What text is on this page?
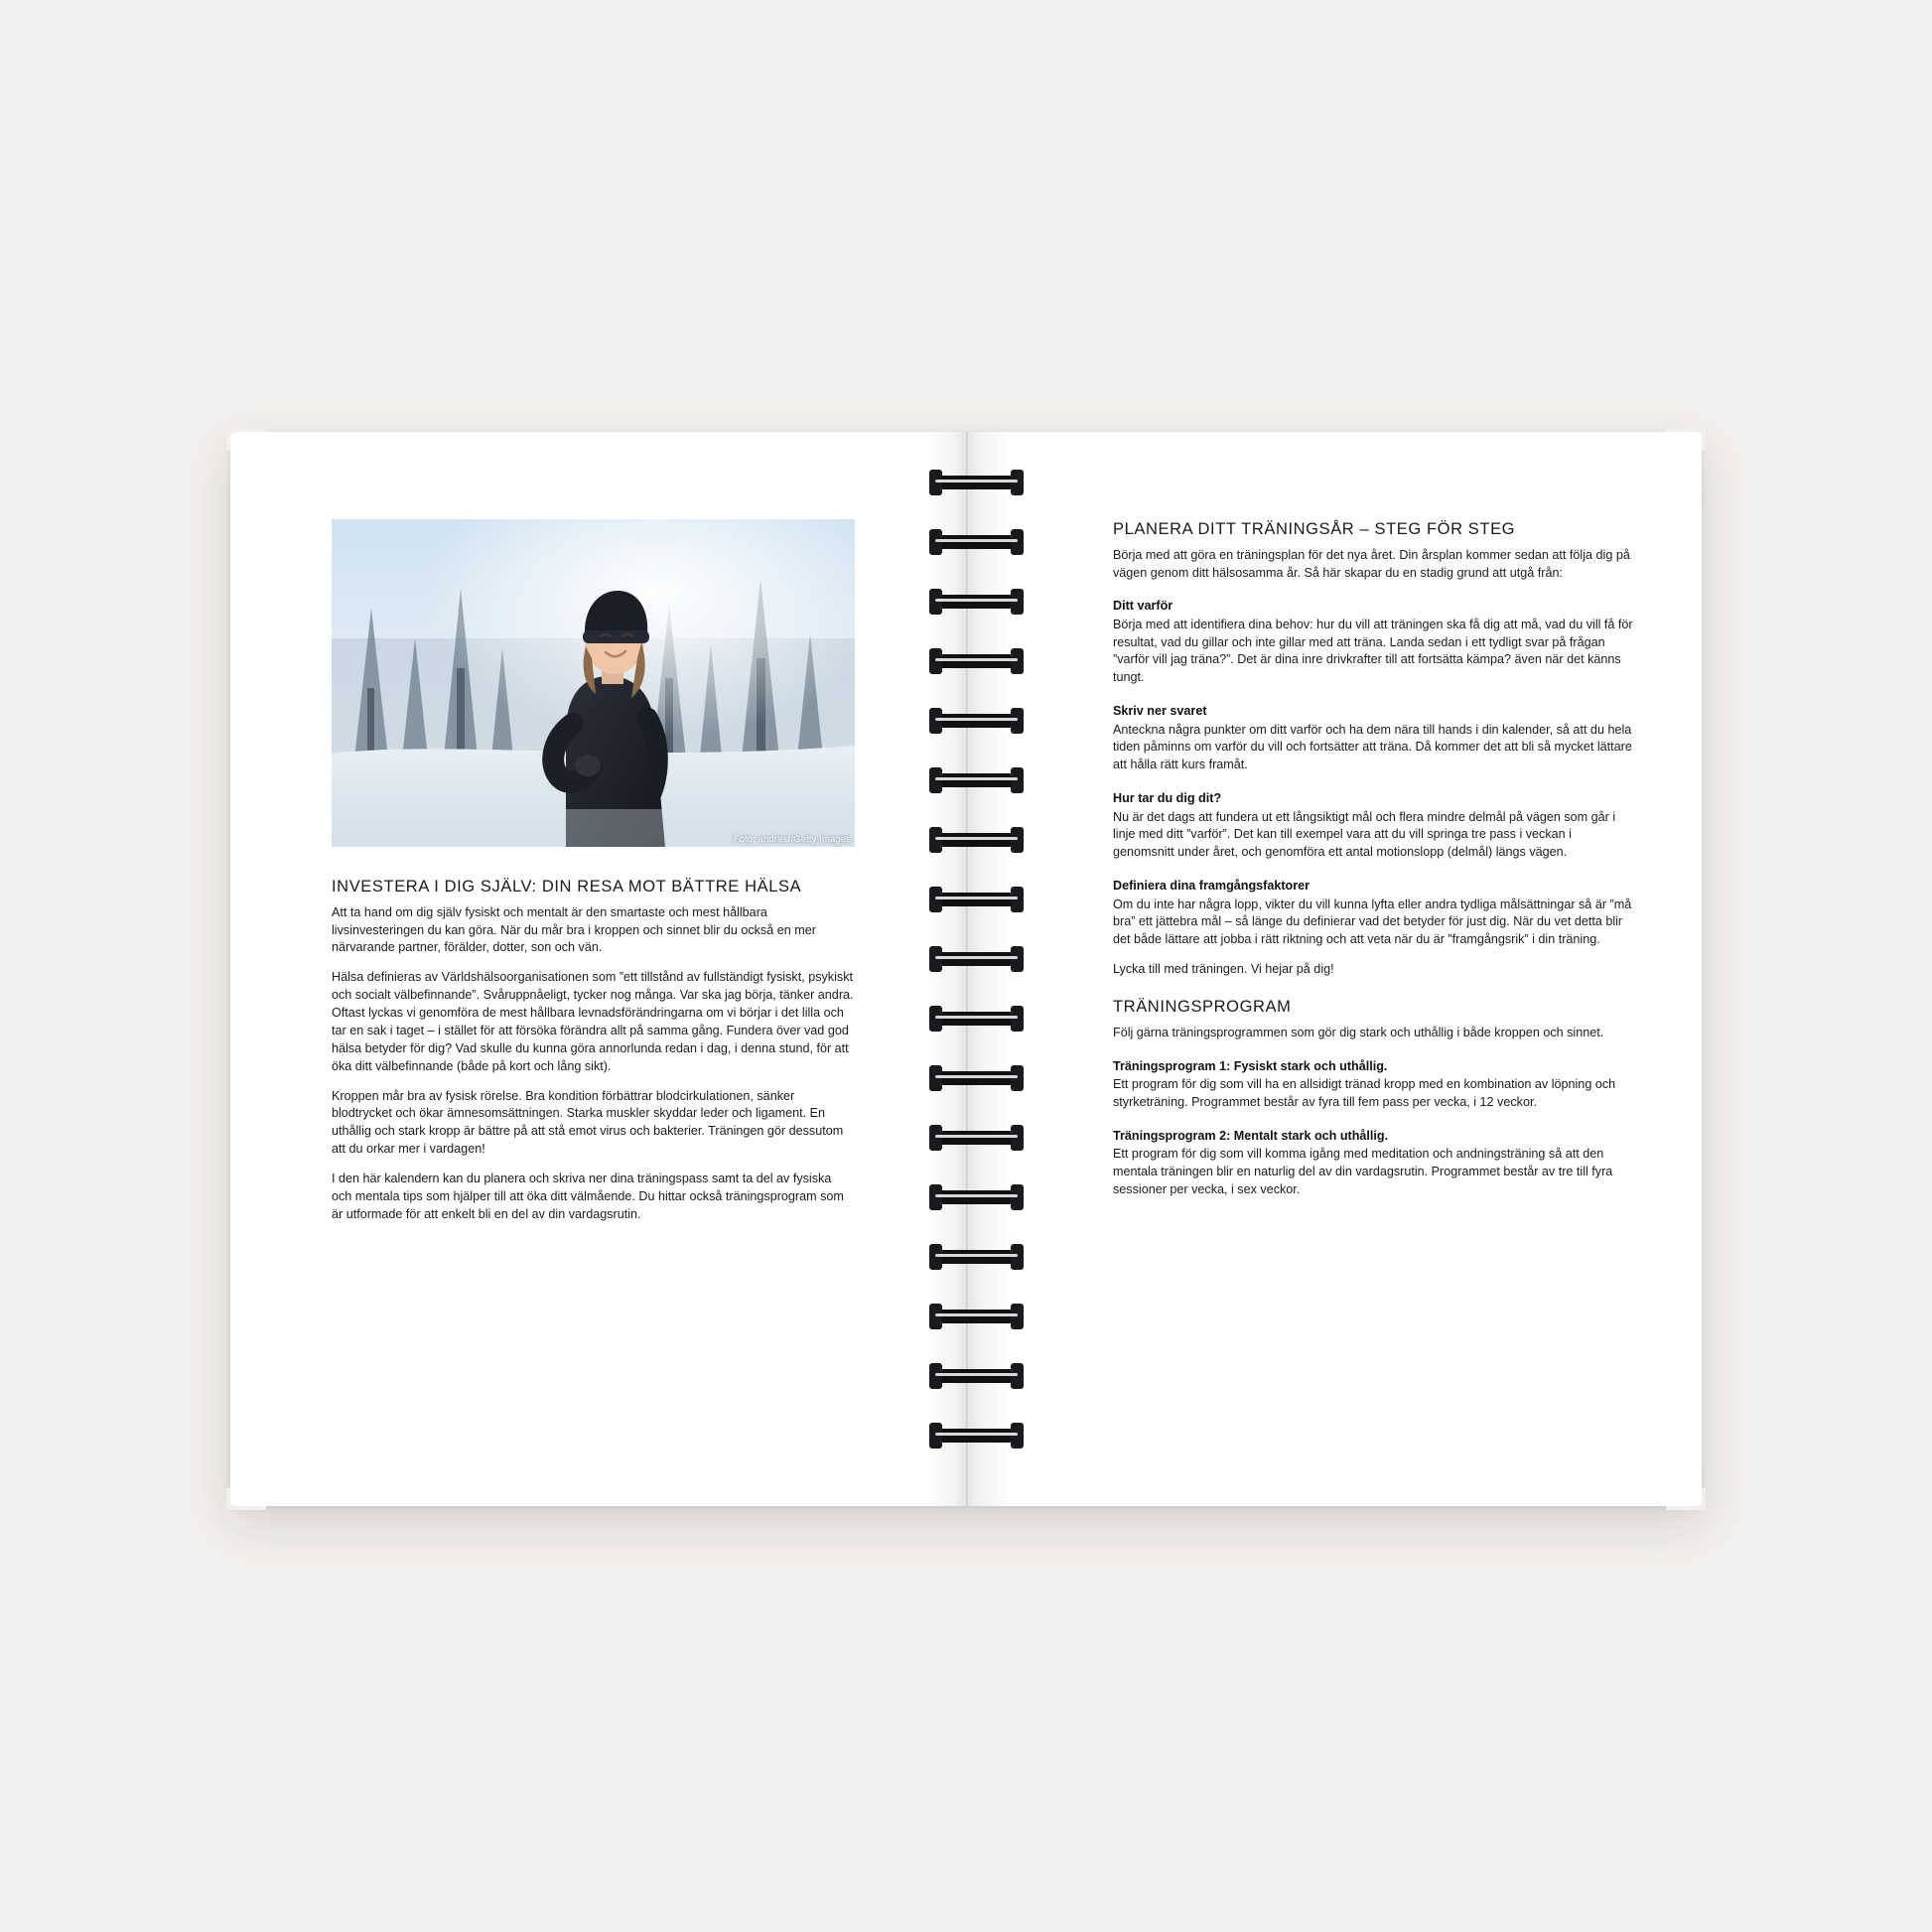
Foto: andresr/Getty Images
INVESTERA I DIG SJÄLV: DIN RESA MOT BÄTTRE HÄLSA

Att ta hand om dig själv fysiskt och mentalt är den smartaste och mest hållbara livsinvesteringen du kan göra. När du mår bra i kroppen och sinnet blir du också en mer närvarande partner, förälder, dotter, son och vän.

Hälsa definieras av Världshälsoorganisationen som ”ett tillstånd av fullständigt fysiskt, psykiskt och socialt välbefinnande”. Svåruppnåeligt, tycker nog många. Var ska jag börja, tänker andra. Oftast lyckas vi genomföra de mest hållbara levnadsförändringarna om vi börjar i det lilla och tar en sak i taget – i stället för att försöka förändra allt på samma gång. Fundera över vad god hälsa betyder för dig? Vad skulle du kunna göra annorlunda redan i dag, i denna stund, för att öka ditt välbefinnande (både på kort och lång sikt).

Kroppen mår bra av fysisk rörelse. Bra kondition förbättrar blodcirkulationen, sänker blodtrycket och ökar ämnesomsättningen. Starka muskler skyddar leder och ligament. En uthållig och stark kropp är bättre på att stå emot virus och bakterier. Träningen gör dessutom att du orkar mer i vardagen!

I den här kalendern kan du planera och skriva ner dina träningspass samt ta del av fysiska och mentala tips som hjälper till att öka ditt välmående. Du hittar också träningsprogram som är utformade för att enkelt bli en del av din vardagsrutin.

PLANERA DITT TRÄNINGSÅR – STEG FÖR STEG

Börja med att göra en träningsplan för det nya året. Din årsplan kommer sedan att följa dig på vägen genom ditt hälsosamma år. Så här skapar du en stadig grund att utgå från:

Ditt varför

Börja med att identifiera dina behov: hur du vill att träningen ska få dig att må, vad du vill få för resultat, vad du gillar och inte gillar med att träna. Landa sedan i ett tydligt svar på frågan ”varför vill jag träna?”. Det är dina inre drivkrafter till att fortsätta kämpa? även när det känns tungt.

Skriv ner svaret

Anteckna några punkter om ditt varför och ha dem nära till hands i din kalender, så att du hela tiden påminns om varför du vill och fortsätter att träna. Då kommer det att bli så mycket lättare att hålla rätt kurs framåt.

Hur tar du dig dit?

Nu är det dags att fundera ut ett långsiktigt mål och flera mindre delmål på vägen som går i linje med ditt ”varför”. Det kan till exempel vara att du vill springa tre pass i veckan i genomsnitt under året, och genomföra ett antal motionslopp (delmål) längs vägen.

Definiera dina framgångsfaktorer

Om du inte har några lopp, vikter du vill kunna lyfta eller andra tydliga målsättningar så är ”må bra” ett jättebra mål – så länge du definierar vad det betyder för just dig. När du vet detta blir det både lättare att jobba i rätt riktning och att veta när du är ”framgångsrik” i din träning.

Lycka till med träningen. Vi hejar på dig!

TRÄNINGSPROGRAM

Följ gärna träningsprogrammen som gör dig stark och uthållig i både kroppen och sinnet.

Träningsprogram 1: Fysiskt stark och uthållig.

Ett program för dig som vill ha en allsidigt tränad kropp med en kombination av löpning och styrketräning. Programmet består av fyra till fem pass per vecka, i 12 veckor.

Träningsprogram 2: Mentalt stark och uthållig.

Ett program för dig som vill komma igång med meditation och andningsträning så att den mentala träningen blir en naturlig del av din vardagsrutin. Programmet består av tre till fyra sessioner per vecka, i sex veckor.
